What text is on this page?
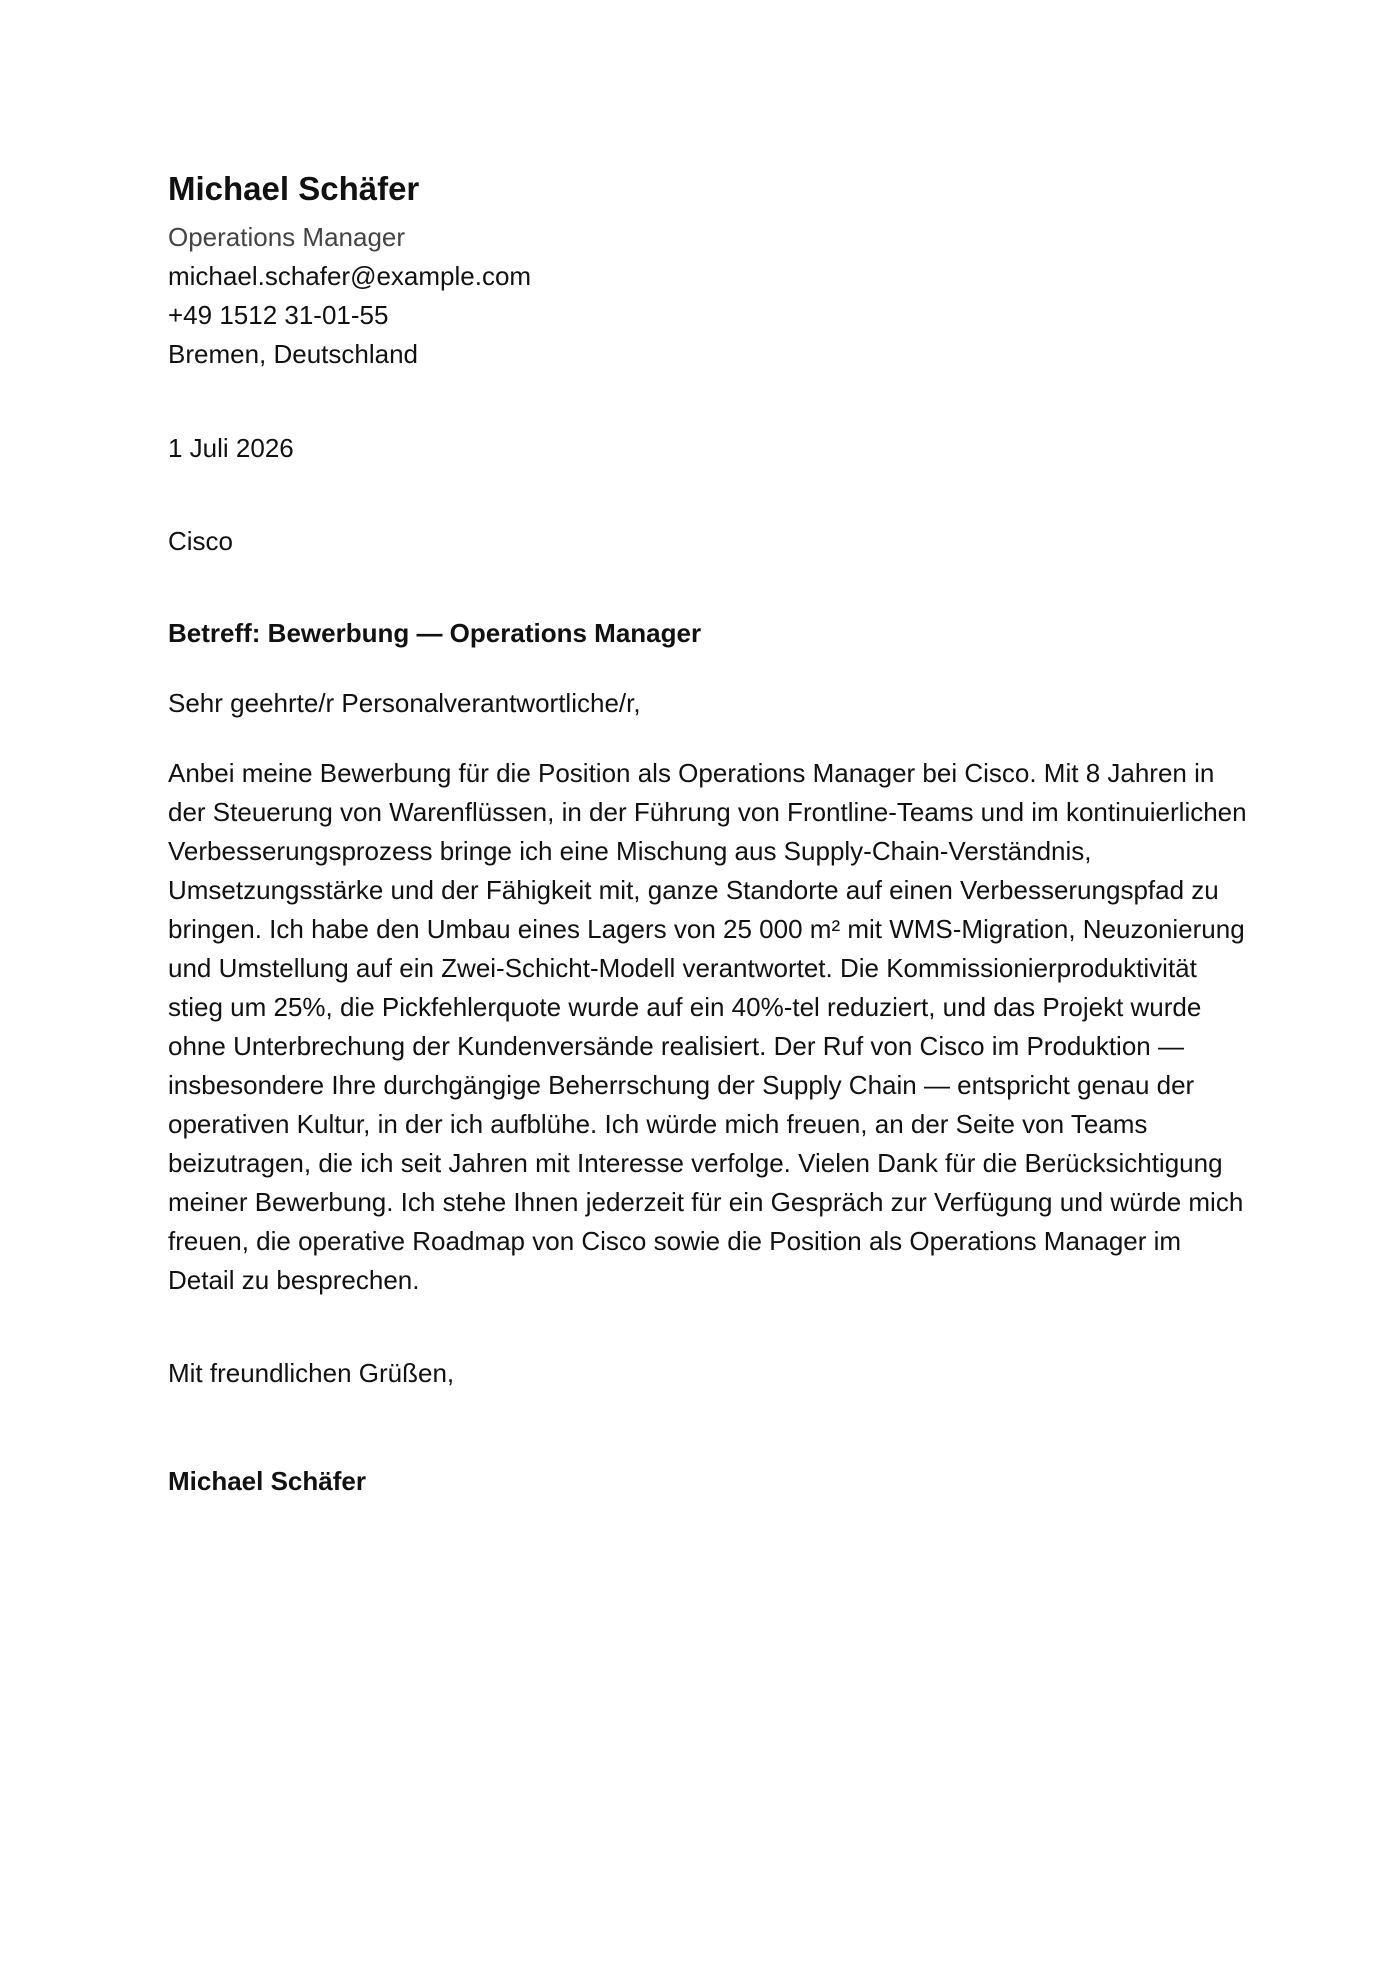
Michael Schäfer
Operations Manager
michael.schafer@example.com
+49 1512 31-01-55
Bremen, Deutschland
1 Juli 2026
Cisco
Betreff: Bewerbung — Operations Manager
Sehr geehrte/r Personalverantwortliche/r,

Anbei meine Bewerbung für die Position als Operations Manager bei Cisco. Mit 8 Jahren in der Steuerung von Warenflüssen, in der Führung von Frontline-Teams und im kontinuierlichen Verbesserungsprozess bringe ich eine Mischung aus Supply-Chain-Verständnis, Umsetzungsstärke und der Fähigkeit mit, ganze Standorte auf einen Verbesserungspfad zu bringen. Ich habe den Umbau eines Lagers von 25 000 m² mit WMS-Migration, Neuzonierung und Umstellung auf ein Zwei-Schicht-Modell verantwortet. Die Kommissionierproduktivität stieg um 25%, die Pickfehlerquote wurde auf ein 40%-tel reduziert, und das Projekt wurde ohne Unterbrechung der Kundenversände realisiert. Der Ruf von Cisco im Produktion — insbesondere Ihre durchgängige Beherrschung der Supply Chain — entspricht genau der operativen Kultur, in der ich aufblühe. Ich würde mich freuen, an der Seite von Teams beizutragen, die ich seit Jahren mit Interesse verfolge. Vielen Dank für die Berücksichtigung meiner Bewerbung. Ich stehe Ihnen jederzeit für ein Gespräch zur Verfügung und würde mich freuen, die operative Roadmap von Cisco sowie die Position als Operations Manager im Detail zu besprechen.

Mit freundlichen Grüßen,
Michael Schäfer
